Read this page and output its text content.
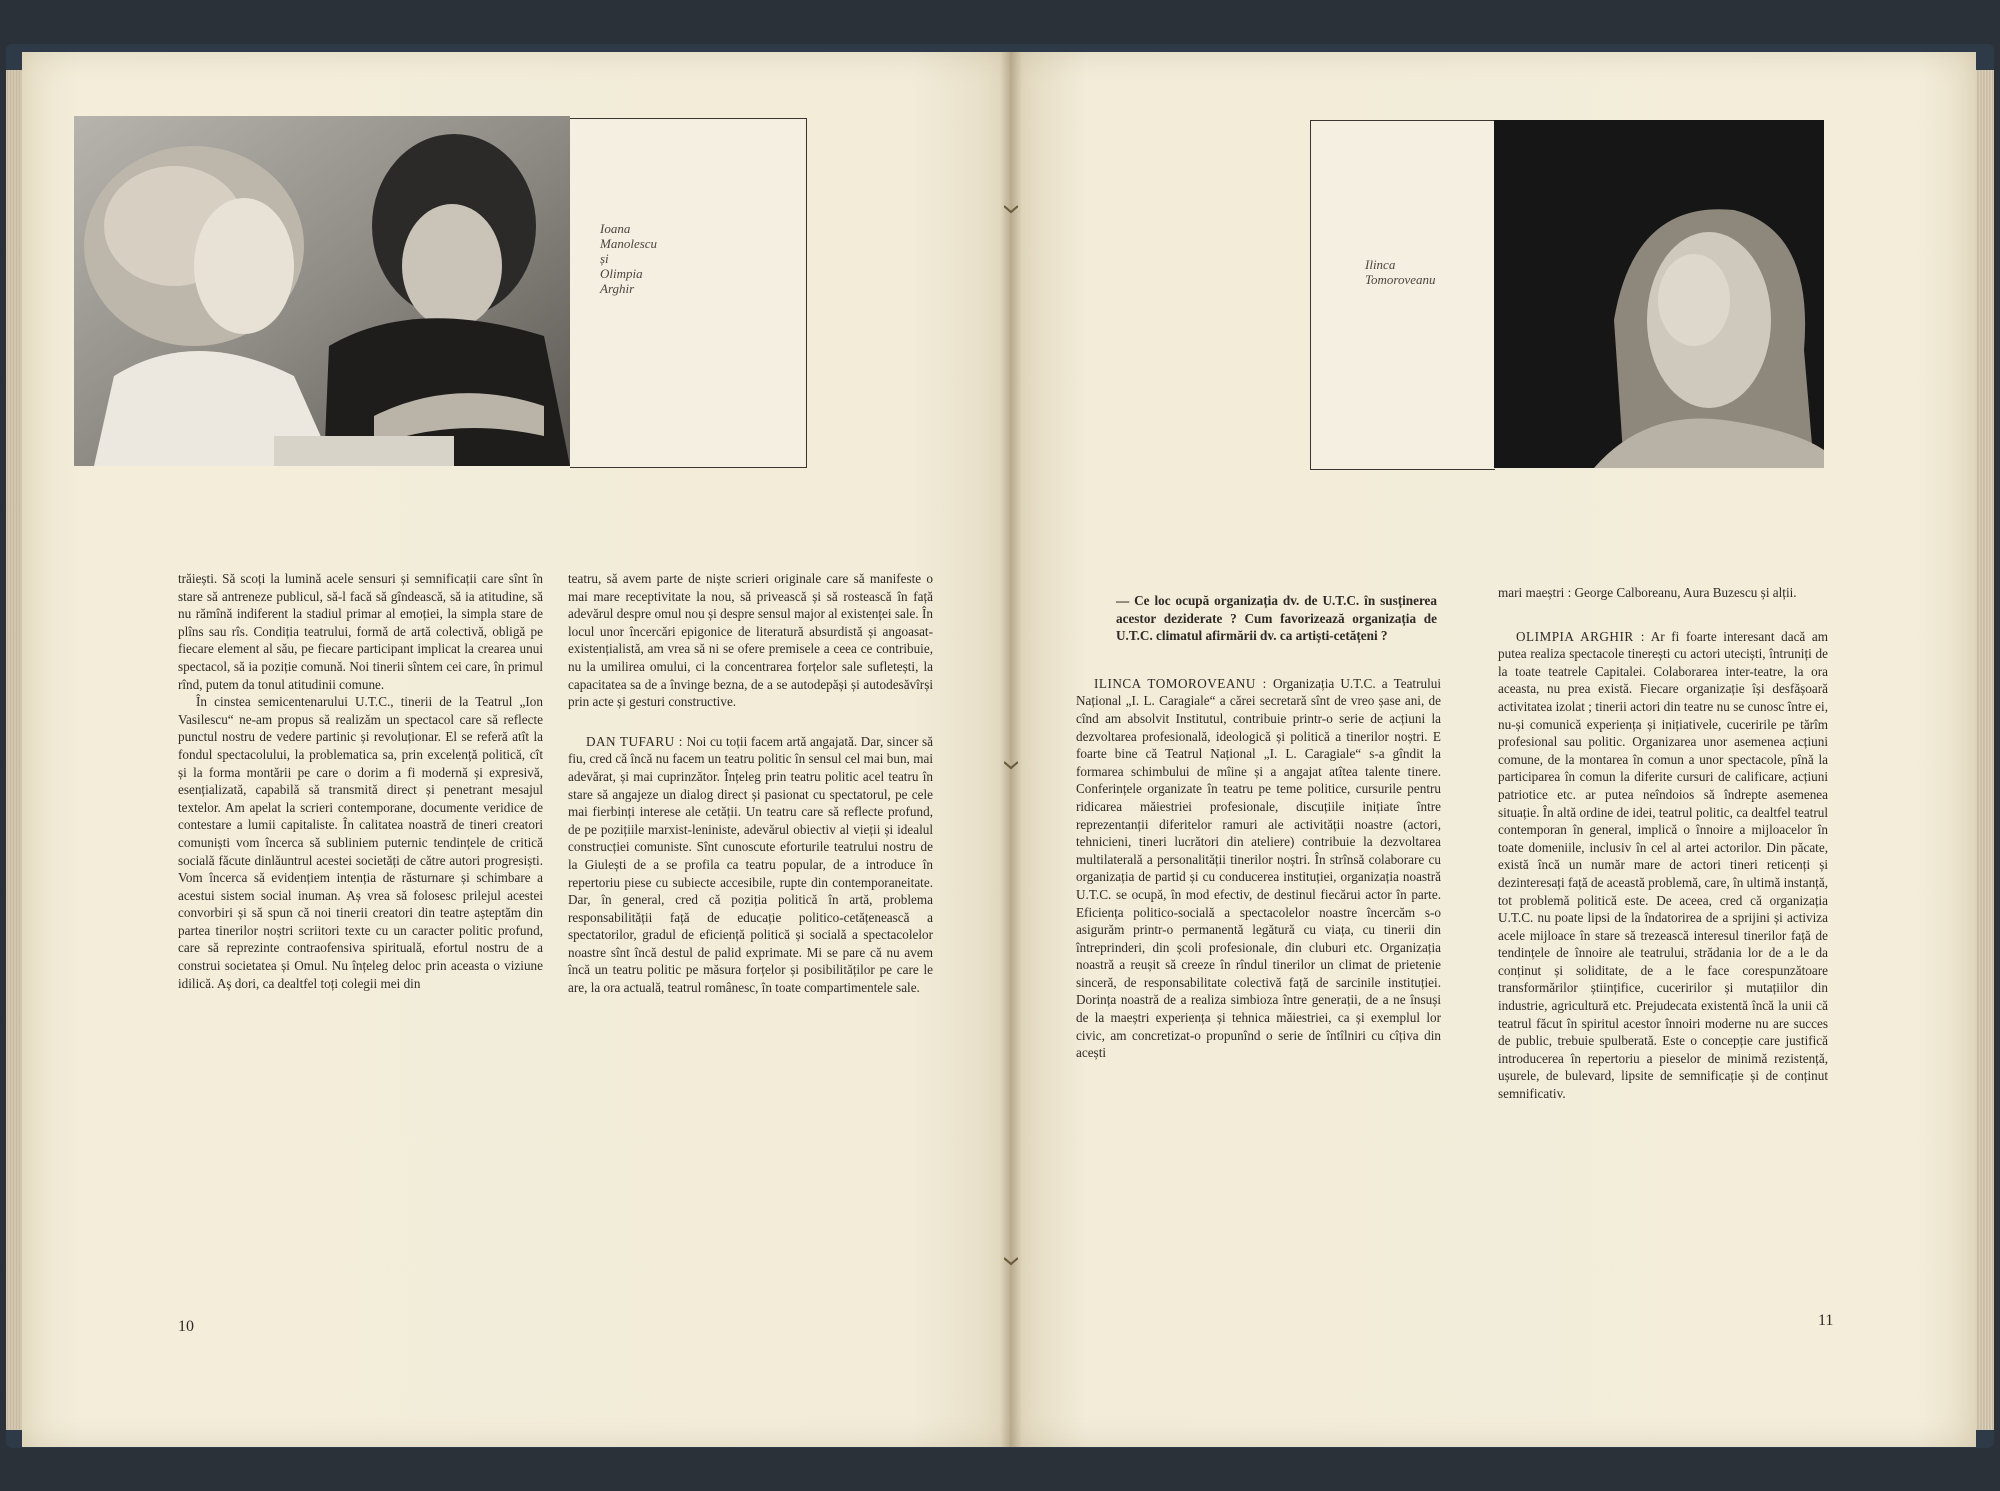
Ioana
Manolescu
și
Olimpia
Arghir
Ilinca
Tomoroveanu

trăiești. Să scoți la lumină acele sensuri și semnificații care sînt în stare să antreneze publicul, să-l facă să gîndească, să ia atitudine, să nu rămînă indiferent la stadiul primar al emoției, la simpla stare de plîns sau rîs. Condiția teatrului, formă de artă colectivă, obligă pe fiecare element al său, pe fiecare participant implicat la crearea unui spectacol, să ia poziție comună. Noi tinerii sîntem cei care, în primul rînd, putem da tonul atitudinii comune.

În cinstea semicentenarului U.T.C., tinerii de la Teatrul „Ion Vasilescu“ ne-am propus să realizăm un spectacol care să reflecte punctul nostru de vedere partinic și revoluționar. El se referă atît la fondul spectacolului, la problematica sa, prin excelență politică, cît și la forma montării pe care o dorim a fi modernă și expresivă, esențializată, capabilă să transmită direct și penetrant mesajul textelor. Am apelat la scrieri contemporane, documente veridice de contestare a lumii capitaliste. În calitatea noastră de tineri creatori comuniști vom încerca să subliniem puternic tendințele de critică socială făcute dinlăuntrul acestei societăți de către autori progresiști. Vom încerca să evidențiem intenția de răsturnare și schimbare a acestui sistem social inuman. Aș vrea să folosesc prilejul acestei convorbiri și să spun că noi tinerii creatori din teatre așteptăm din partea tinerilor noștri scriitori texte cu un caracter politic profund, care să reprezinte contraofensiva spirituală, efortul nostru de a construi societatea și Omul. Nu înțeleg deloc prin aceasta o viziune idilică. Aș dori, ca dealtfel toți colegii mei din

teatru, să avem parte de niște scrieri originale care să manifeste o mai mare receptivitate la nou, să privească și să rostească în față adevărul despre omul nou și despre sensul major al existenței sale. În locul unor încercări epigonice de literatură absurdistă și angoasat-existențialistă, am vrea să ni se ofere premisele a ceea ce contribuie, nu la umilirea omului, ci la concentrarea forțelor sale sufletești, la capacitatea sa de a învinge bezna, de a se autodepăși și autodesăvîrși prin acte și gesturi constructive.

DAN TUFARU : Noi cu toții facem artă angajată. Dar, sincer să fiu, cred că încă nu facem un teatru politic în sensul cel mai bun, mai adevărat, și mai cuprinzător. Înțeleg prin teatru politic acel teatru în stare să angajeze un dialog direct și pasionat cu spectatorul, pe cele mai fierbinți interese ale cetății. Un teatru care să reflecte profund, de pe pozițiile marxist-leniniste, adevărul obiectiv al vieții și idealul construcției comuniste. Sînt cunoscute eforturile teatrului nostru de la Giulești de a se profila ca teatru popular, de a introduce în repertoriu piese cu subiecte accesibile, rupte din contemporaneitate. Dar, în general, cred că poziția politică în artă, problema responsabilității față de educație politico-cetățenească a spectatorilor, gradul de eficiență politică și socială a spectacolelor noastre sînt încă destul de palid exprimate. Mi se pare că nu avem încă un teatru politic pe măsura forțelor și posibilităților pe care le are, la ora actuală, teatrul românesc, în toate compartimentele sale.

— Ce loc ocupă organizația dv. de U.T.C. în susținerea acestor deziderate ? Cum favorizează organizația de U.T.C. climatul afirmării dv. ca artiști-cetățeni ?

ILINCA TOMOROVEANU : Organizația U.T.C. a Teatrului Național „I. L. Caragiale“ a cărei secretară sînt de vreo șase ani, de cînd am absolvit Institutul, contribuie printr-o serie de acțiuni la dezvoltarea profesională, ideologică și politică a tinerilor noștri. E foarte bine că Teatrul Național „I. L. Caragiale“ s-a gîndit la formarea schimbului de mîine și a angajat atîtea talente tinere. Conferințele organizate în teatru pe teme politice, cursurile pentru ridicarea măiestriei profesionale, discuțiile inițiate între reprezentanții diferitelor ramuri ale activității noastre (actori, tehnicieni, tineri lucrători din ateliere) contribuie la dezvoltarea multilaterală a personalității tinerilor noștri. În strînsă colaborare cu organizația de partid și cu conducerea instituției, organizația noastră U.T.C. se ocupă, în mod efectiv, de destinul fiecărui actor în parte. Eficiența politico-socială a spectacolelor noastre încercăm s-o asigurăm printr-o permanentă legătură cu viața, cu tinerii din întreprinderi, din școli profesionale, din cluburi etc. Organizația noastră a reușit să creeze în rîndul tinerilor un climat de prietenie sinceră, de responsabilitate colectivă față de sarcinile instituției. Dorința noastră de a realiza simbioza între generații, de a ne însuși de la maeștri experiența și tehnica măiestriei, ca și exemplul lor civic, am concretizat-o propunînd o serie de întîlniri cu cîțiva din acești

mari maeștri : George Calboreanu, Aura Buzescu și alții.

OLIMPIA ARGHIR : Ar fi foarte interesant dacă am putea realiza spectacole tinerești cu actori uteciști, întruniți de la toate teatrele Capitalei. Colaborarea inter-teatre, la ora aceasta, nu prea există. Fiecare organizație își desfășoară activitatea izolat ; tinerii actori din teatre nu se cunosc între ei, nu-și comunică experiența și inițiativele, cuceririle pe tărîm profesional sau politic. Organizarea unor asemenea acțiuni comune, de la montarea în comun a unor spectacole, pînă la participarea în comun la diferite cursuri de calificare, acțiuni patriotice etc. ar putea neîndoios să îndrepte asemenea situație. În altă ordine de idei, teatrul politic, ca dealtfel teatrul contemporan în general, implică o înnoire a mijloacelor în toate domeniile, inclusiv în cel al artei actorilor. Din păcate, există încă un număr mare de actori tineri reticenți și dezinteresați față de această problemă, care, în ultimă instanță, tot problemă politică este. De aceea, cred că organizația U.T.C. nu poate lipsi de la îndatorirea de a sprijini și activiza acele mijloace în stare să trezească interesul tinerilor față de tendințele de înnoire ale teatrului, strădania lor de a le da conținut și soliditate, de a le face corespunzătoare transformărilor științifice, cuceririlor și mutațiilor din industrie, agricultură etc. Prejudecata existentă încă la unii că teatrul făcut în spiritul acestor înnoiri moderne nu are succes de public, trebuie spulberată. Este o concepție care justifică introducerea în repertoriu a pieselor de minimă rezistență, ușurele, de bulevard, lipsite de semnificație și de conținut semnificativ.

10	11
